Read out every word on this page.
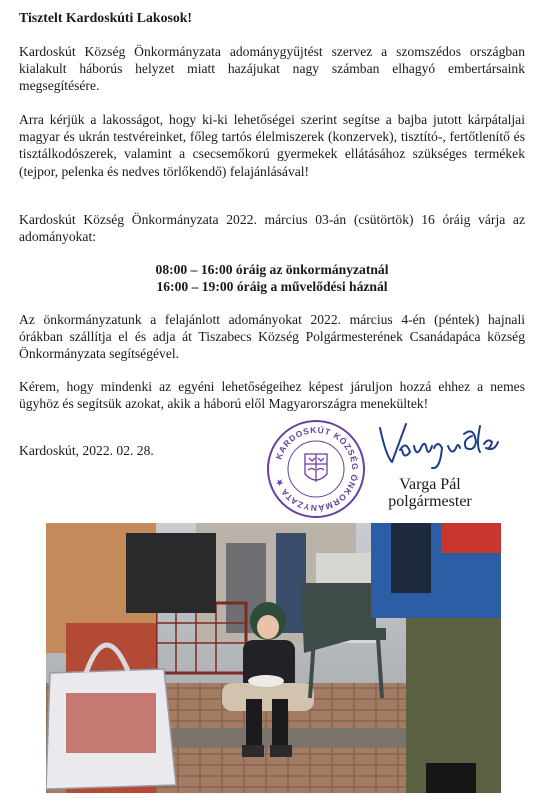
Tisztelt Kardoskúti Lakosok!

Kardoskút Község Önkormányzata adománygyűjtést szervez a szomszédos országban kialakult háborús helyzet miatt hazájukat nagy számban elhagyó embertársaink megsegítésére.

Arra kérjük a lakosságot, hogy ki-ki lehetőségei szerint segítse a bajba jutott kárpátaljai magyar és ukrán testvéreinket, főleg tartós élelmiszerek (konzervek), tisztító-, fertőtlenítő és tisztálkodószerek, valamint a csecsemőkorú gyermekek ellátásához szükséges termékek (tejpor, pelenka és nedves törlőkendő) felajánlásával!

Kardoskút Község Önkormányzata 2022. március 03-án (csütörtök) 16 óráig várja az adományokat:

08:00 – 16:00 óráig az önkormányzatnál
16:00 – 19:00 óráig a művelődési háznál

Az önkormányzatunk a felajánlott adományokat 2022. március 4-én (péntek) hajnali órákban szállítja el és adja át Tiszabecs Község Polgármesterének Csanádapáca község Önkormányzata segítségével.

Kérem, hogy mindenki az egyéni lehetőségeihez képest járuljon hozzá ehhez a nemes ügyhöz és segítsük azokat, akik a háború elől Magyarországra menekültek!

Kardoskút, 2022. 02. 28.	KARDOSKÚT KÖZSÉG ÖNKORMÁNYZATA ★	Varga Pál
polgármester
